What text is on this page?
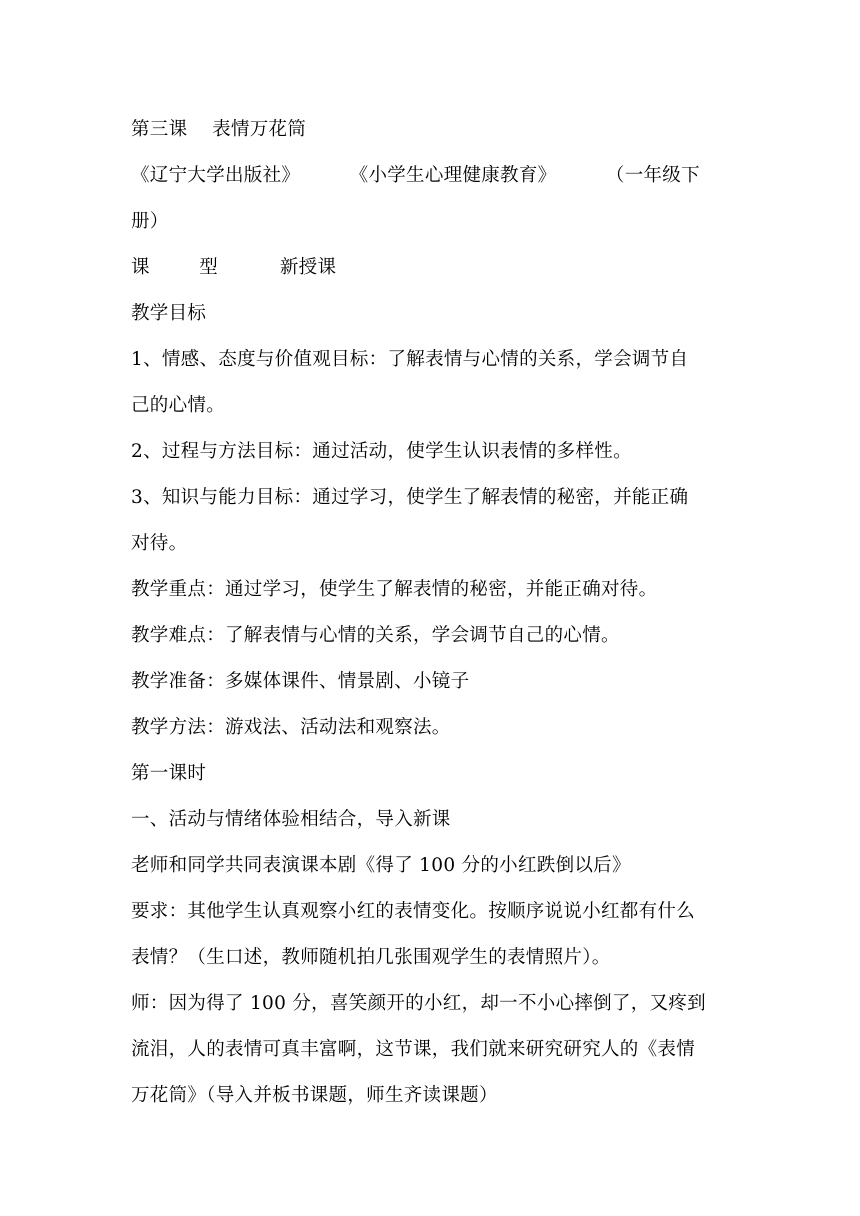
第三课    表情万花筒
《辽宁大学出版社》        《小学生心理健康教育》        （一年级下
册）
课        型          新授课
教学目标
1、情感、态度与价值观目标：了解表情与心情的关系，学会调节自
己的心情。
2、过程与方法目标：通过活动，使学生认识表情的多样性。
3、知识与能力目标：通过学习，使学生了解表情的秘密，并能正确
对待。
教学重点：通过学习，使学生了解表情的秘密，并能正确对待。
教学难点：了解表情与心情的关系，学会调节自己的心情。
教学准备：多媒体课件、情景剧、小镜子
教学方法：游戏法、活动法和观察法。
第一课时
一、活动与情绪体验相结合，导入新课
老师和同学共同表演课本剧《得了 100 分的小红跌倒以后》
要求：其他学生认真观察小红的表情变化。按顺序说说小红都有什么
表情？（生口述，教师随机拍几张围观学生的表情照片）。
师：因为得了 100 分，喜笑颜开的小红，却一不小心摔倒了，又疼到
流泪，人的表情可真丰富啊，这节课，我们就来研究研究人的《表情
万花筒》（导入并板书课题，师生齐读课题）
